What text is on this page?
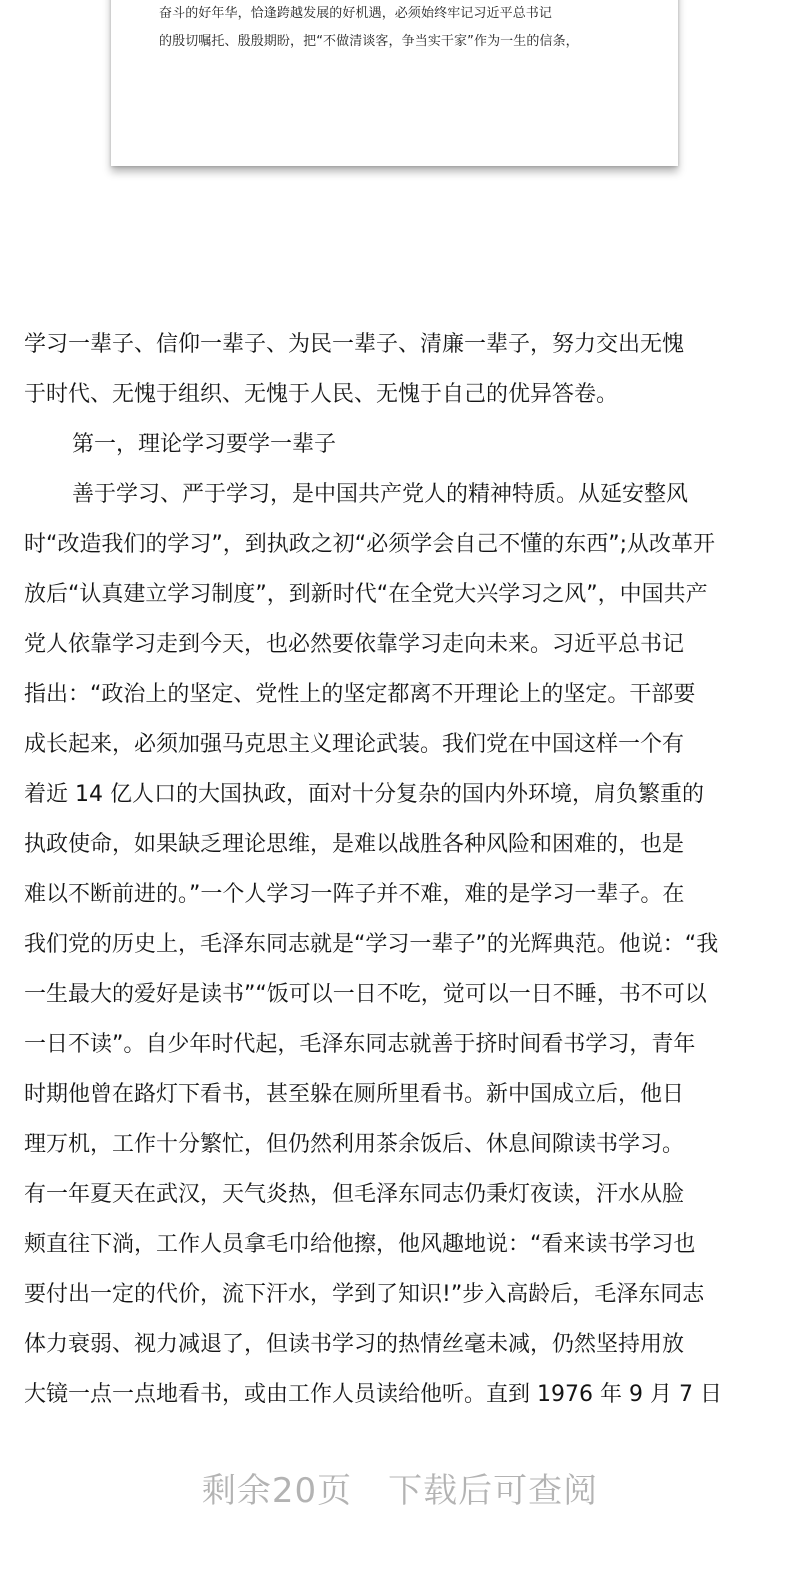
奋斗的好年华，恰逢跨越发展的好机遇，必须始终牢记习近平总书记
的殷切嘱托、殷殷期盼，把“不做清谈客，争当实干家”作为一生的信条，
学习一辈子、信仰一辈子、为民一辈子、清廉一辈子，努力交出无愧
于时代、无愧于组织、无愧于人民、无愧于自己的优异答卷。
第一，理论学习要学一辈子
善于学习、严于学习，是中国共产党人的精神特质。从延安整风
时“改造我们的学习”，到执政之初“必须学会自己不懂的东西”;从改革开
放后“认真建立学习制度”，到新时代“在全党大兴学习之风”，中国共产
党人依靠学习走到今天，也必然要依靠学习走向未来。习近平总书记
指出：“政治上的坚定、党性上的坚定都离不开理论上的坚定。干部要
成长起来，必须加强马克思主义理论武装。我们党在中国这样一个有
着近 14 亿人口的大国执政，面对十分复杂的国内外环境，肩负繁重的
执政使命，如果缺乏理论思维，是难以战胜各种风险和困难的，也是
难以不断前进的。”一个人学习一阵子并不难，难的是学习一辈子。在
我们党的历史上，毛泽东同志就是“学习一辈子”的光辉典范。他说：“我
一生最大的爱好是读书”“饭可以一日不吃，觉可以一日不睡，书不可以
一日不读”。自少年时代起，毛泽东同志就善于挤时间看书学习，青年
时期他曾在路灯下看书，甚至躲在厕所里看书。新中国成立后，他日
理万机，工作十分繁忙，但仍然利用茶余饭后、休息间隙读书学习。
有一年夏天在武汉，天气炎热，但毛泽东同志仍秉灯夜读，汗水从脸
颊直往下淌，工作人员拿毛巾给他擦，他风趣地说：“看来读书学习也
要付出一定的代价，流下汗水，学到了知识!”步入高龄后，毛泽东同志
体力衰弱、视力减退了，但读书学习的热情丝毫未减，仍然坚持用放
大镜一点一点地看书，或由工作人员读给他听。直到 1976 年 9 月 7 日
剩余20页 下载后可查阅
